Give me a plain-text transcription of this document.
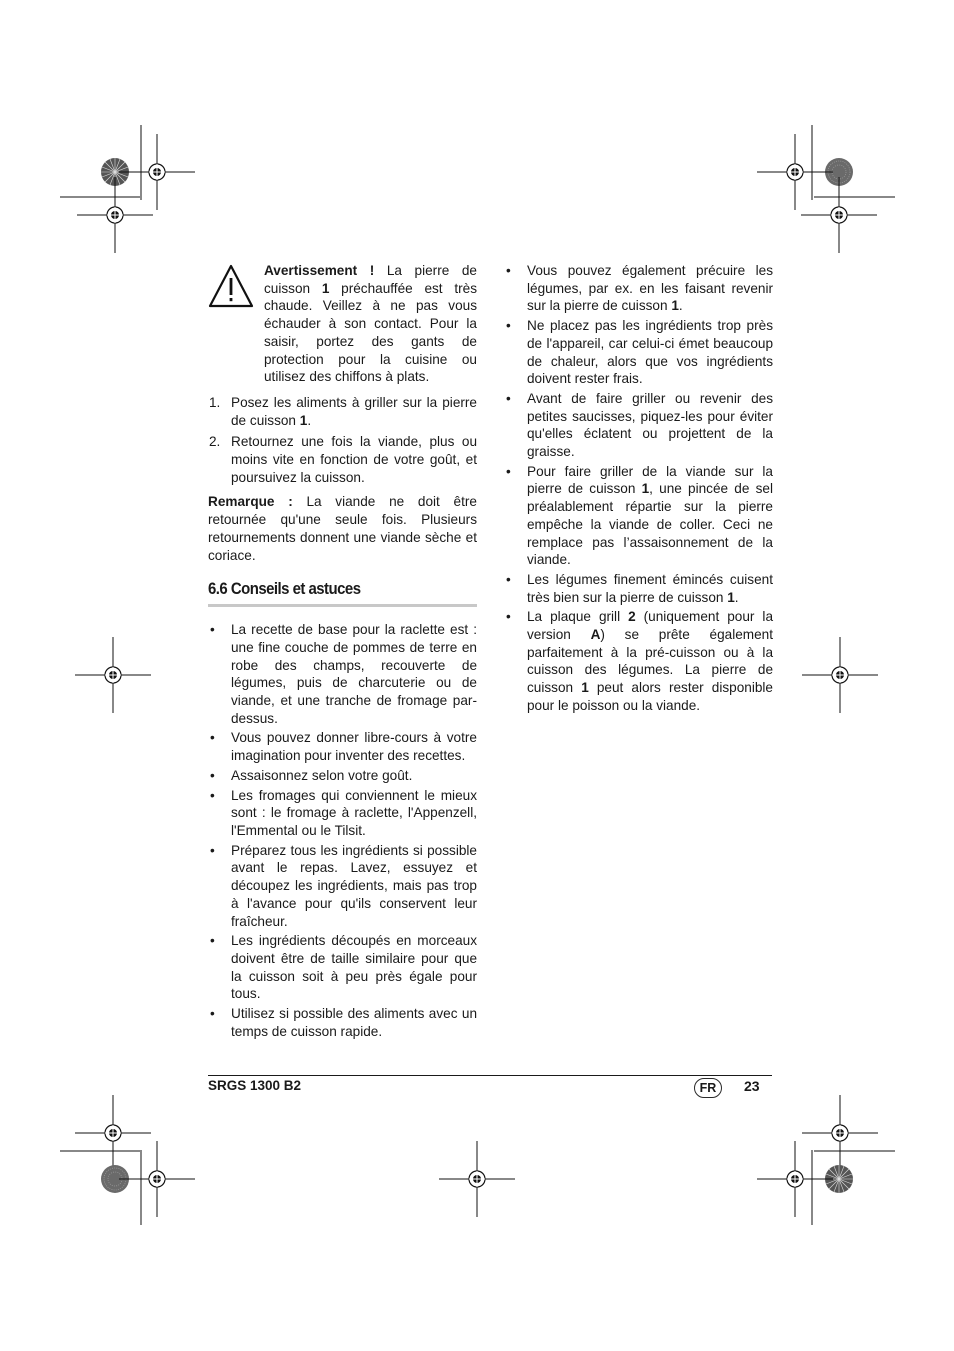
Avertissement ! La pierre de cuisson 1 préchauffée est très chaude. Veillez à ne pas vous échauder à son contact. Pour la saisir, portez des gants de protection pour la cuisine ou utilisez des chiffons à plats.
1. Posez les aliments à griller sur la pierre de cuisson 1.
2. Retournez une fois la viande, plus ou moins vite en fonction de votre goût, et poursuivez la cuisson.
Remarque : La viande ne doit être retournée qu'une seule fois. Plusieurs retournements donnent une viande sèche et coriace.
6.6 Conseils et astuces
• La recette de base pour la raclette est : une fine couche de pommes de terre en robe des champs, recouverte de légumes, puis de charcuterie ou de viande, et une tranche de fromage par-dessus.
• Vous pouvez donner libre-cours à votre imagination pour inventer des recettes.
• Assaisonnez selon votre goût.
• Les fromages qui conviennent le mieux sont : le fromage à raclette, l'Appenzell, l'Emmental ou le Tilsit.
• Préparez tous les ingrédients si possible avant le repas. Lavez, essuyez et découpez les ingrédients, mais pas trop à l'avance pour qu'ils conservent leur fraîcheur.
• Les ingrédients découpés en morceaux doivent être de taille similaire pour que la cuisson soit à peu près égale pour tous.
• Utilisez si possible des aliments avec un temps de cuisson rapide.
• Vous pouvez également précuire les légumes, par ex. en les faisant revenir sur la pierre de cuisson 1.
• Ne placez pas les ingrédients trop près de l'appareil, car celui-ci émet beaucoup de chaleur, alors que vos ingrédients doivent rester frais.
• Avant de faire griller ou revenir des petites saucisses, piquez-les pour éviter qu'elles éclatent ou projettent de la graisse.
• Pour faire griller de la viande sur la pierre de cuisson 1, une pincée de sel préalablement répartie sur la pierre empêche la viande de coller. Ceci ne remplace pas l’assaisonnement de la viande.
• Les légumes finement émincés cuisent très bien sur la pierre de cuisson 1.
• La plaque grill 2 (uniquement pour la version A) se prête également parfaitement à la pré-cuisson ou à la cuisson des légumes. La pierre de cuisson 1 peut alors rester disponible pour le poisson ou la viande.
SRGS 1300 B2	FR 23
